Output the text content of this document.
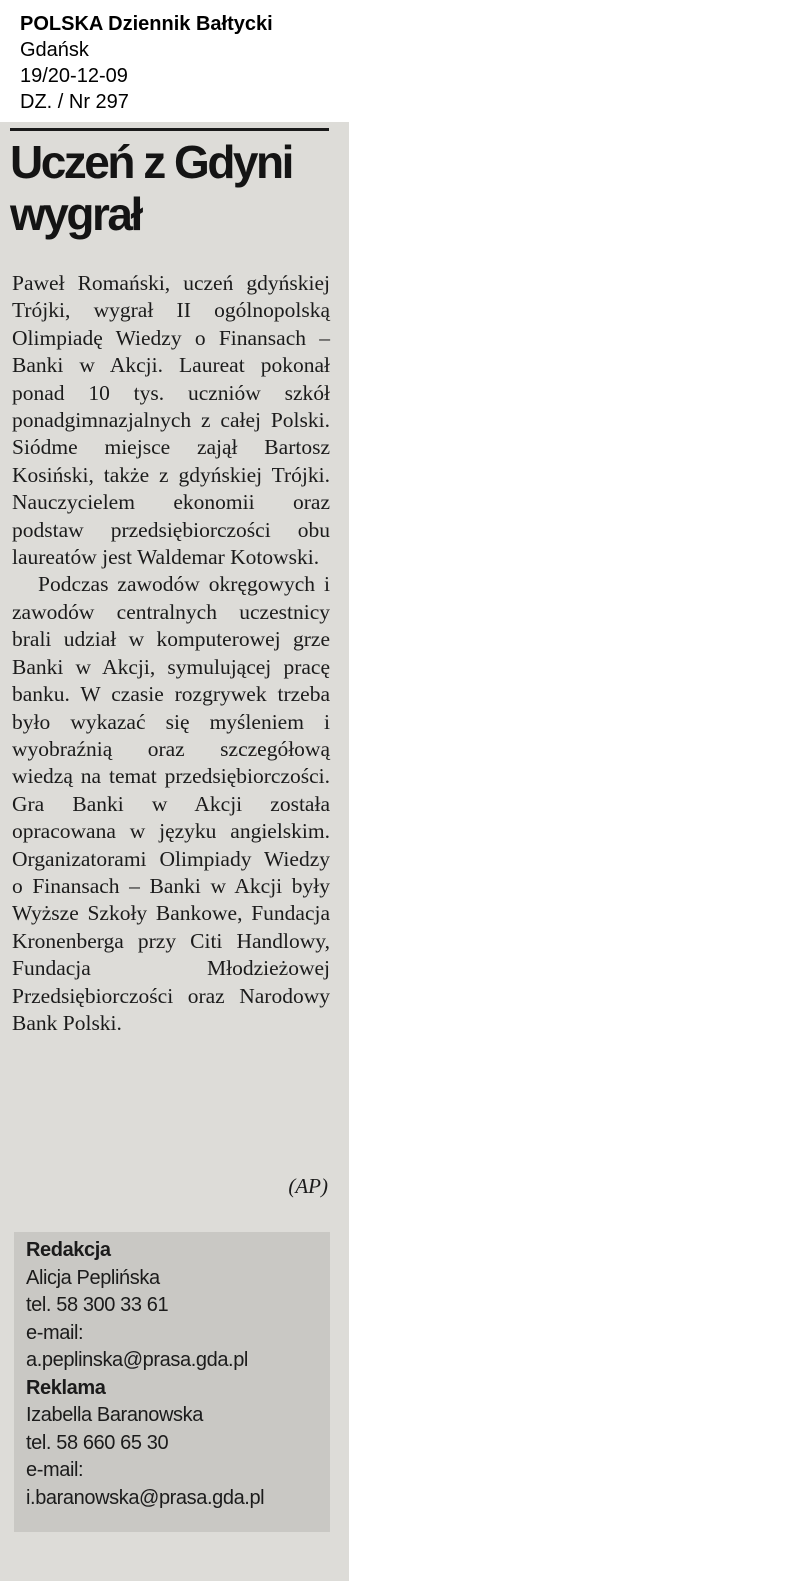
POLSKA Dziennik Bałtycki
Gdańsk
19/20-12-09
DZ. / Nr 297
Uczeń z Gdyni
wygrał

Paweł Romański, uczeń gdyńskiej Trójki, wygrał II ogólnopolską Olimpiadę Wiedzy o Finansach – Banki w Akcji. Laureat pokonał ponad 10 tys. uczniów szkół ponadgimnazjalnych z całej Polski. Siódme miejsce zajął Bartosz Kosiński, także z gdyńskiej Trójki. Nauczycielem ekonomii oraz podstaw przedsiębiorczości obu laureatów jest Waldemar Kotowski.

Podczas zawodów okręgowych i zawodów centralnych uczestnicy brali udział w komputerowej grze Banki w Akcji, symulującej pracę banku. W czasie rozgrywek trzeba było wykazać się myśleniem i wyobraźnią oraz szczegółową wiedzą na temat przedsiębiorczości. Gra Banki w Akcji została opracowana w języku angielskim. Organizatorami Olimpiady Wiedzy o Finansach – Banki w Akcji były Wyższe Szkoły Bankowe, Fundacja Kronenberga przy Citi Handlowy, Fundacja Młodzieżowej Przedsiębiorczości oraz Narodowy Bank Polski.

(AP)
Redakcja
Alicja Peplińska
tel. 58 300 33 61
e-mail:
a.peplinska@prasa.gda.pl
Reklama
Izabella Baranowska
tel. 58 660 65 30
e-mail:
i.baranowska@prasa.gda.pl
